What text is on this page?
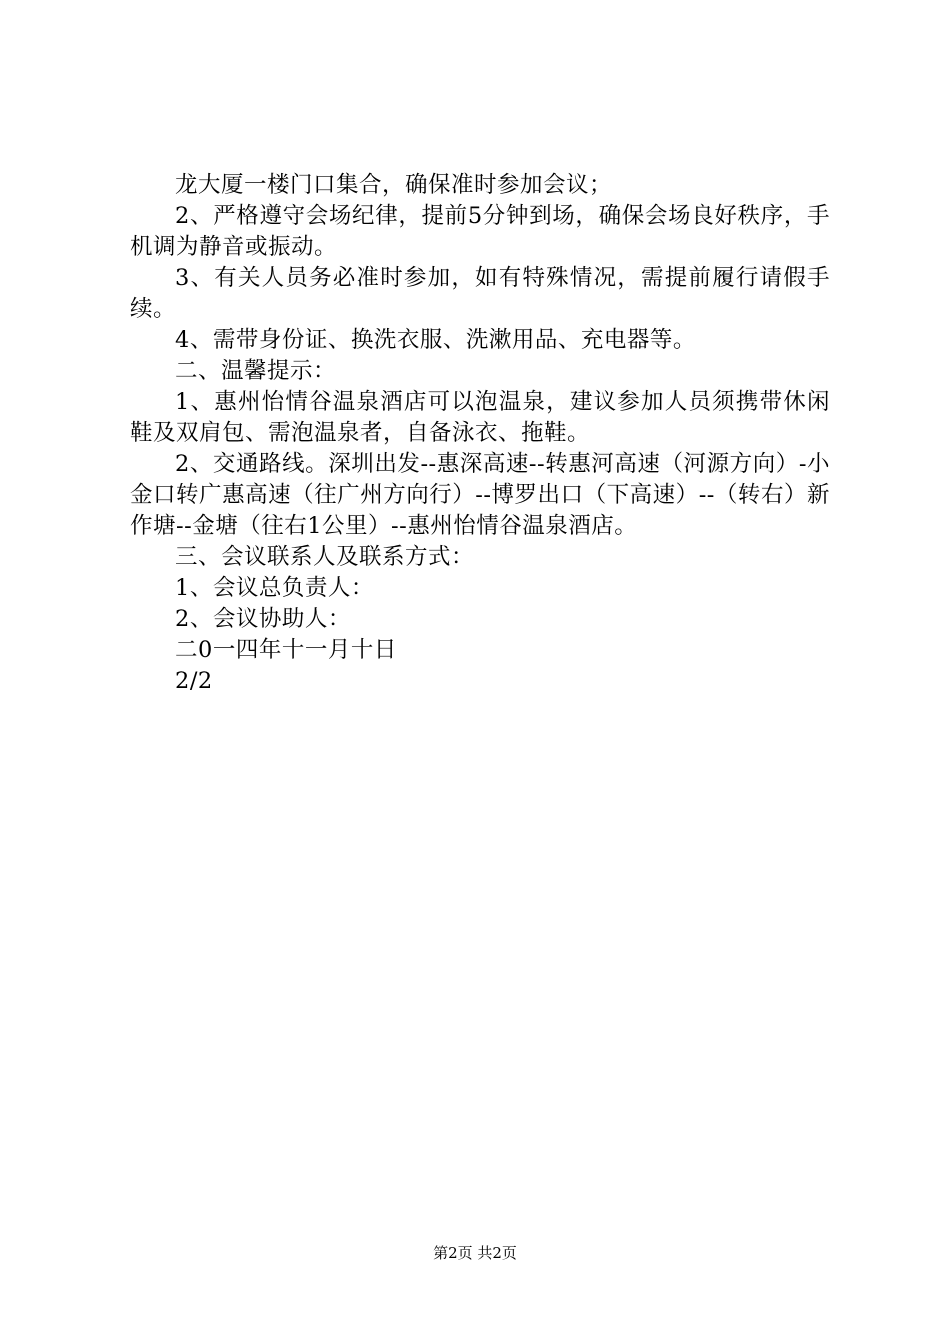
龙大厦一楼门口集合，确保准时参加会议；

2、严格遵守会场纪律，提前5分钟到场，确保会场良好秩序，手机调为静音或振动。

3、有关人员务必准时参加，如有特殊情况，需提前履行请假手续。

4、需带身份证、换洗衣服、洗漱用品、充电器等。

二、温馨提示：

1、惠州怡情谷温泉酒店可以泡温泉，建议参加人员须携带休闲鞋及双肩包、需泡温泉者，自备泳衣、拖鞋。

2、交通路线。深圳出发--惠深高速--转惠河高速（河源方向）-小金口转广惠高速（往广州方向行）--博罗出口（下高速）--（转右）新作塘--金塘（往右1公里）--惠州怡情谷温泉酒店。

三、会议联系人及联系方式：

1、会议总负责人：

2、会议协助人：

二0一四年十一月十日

2/2

第2页 共2页
